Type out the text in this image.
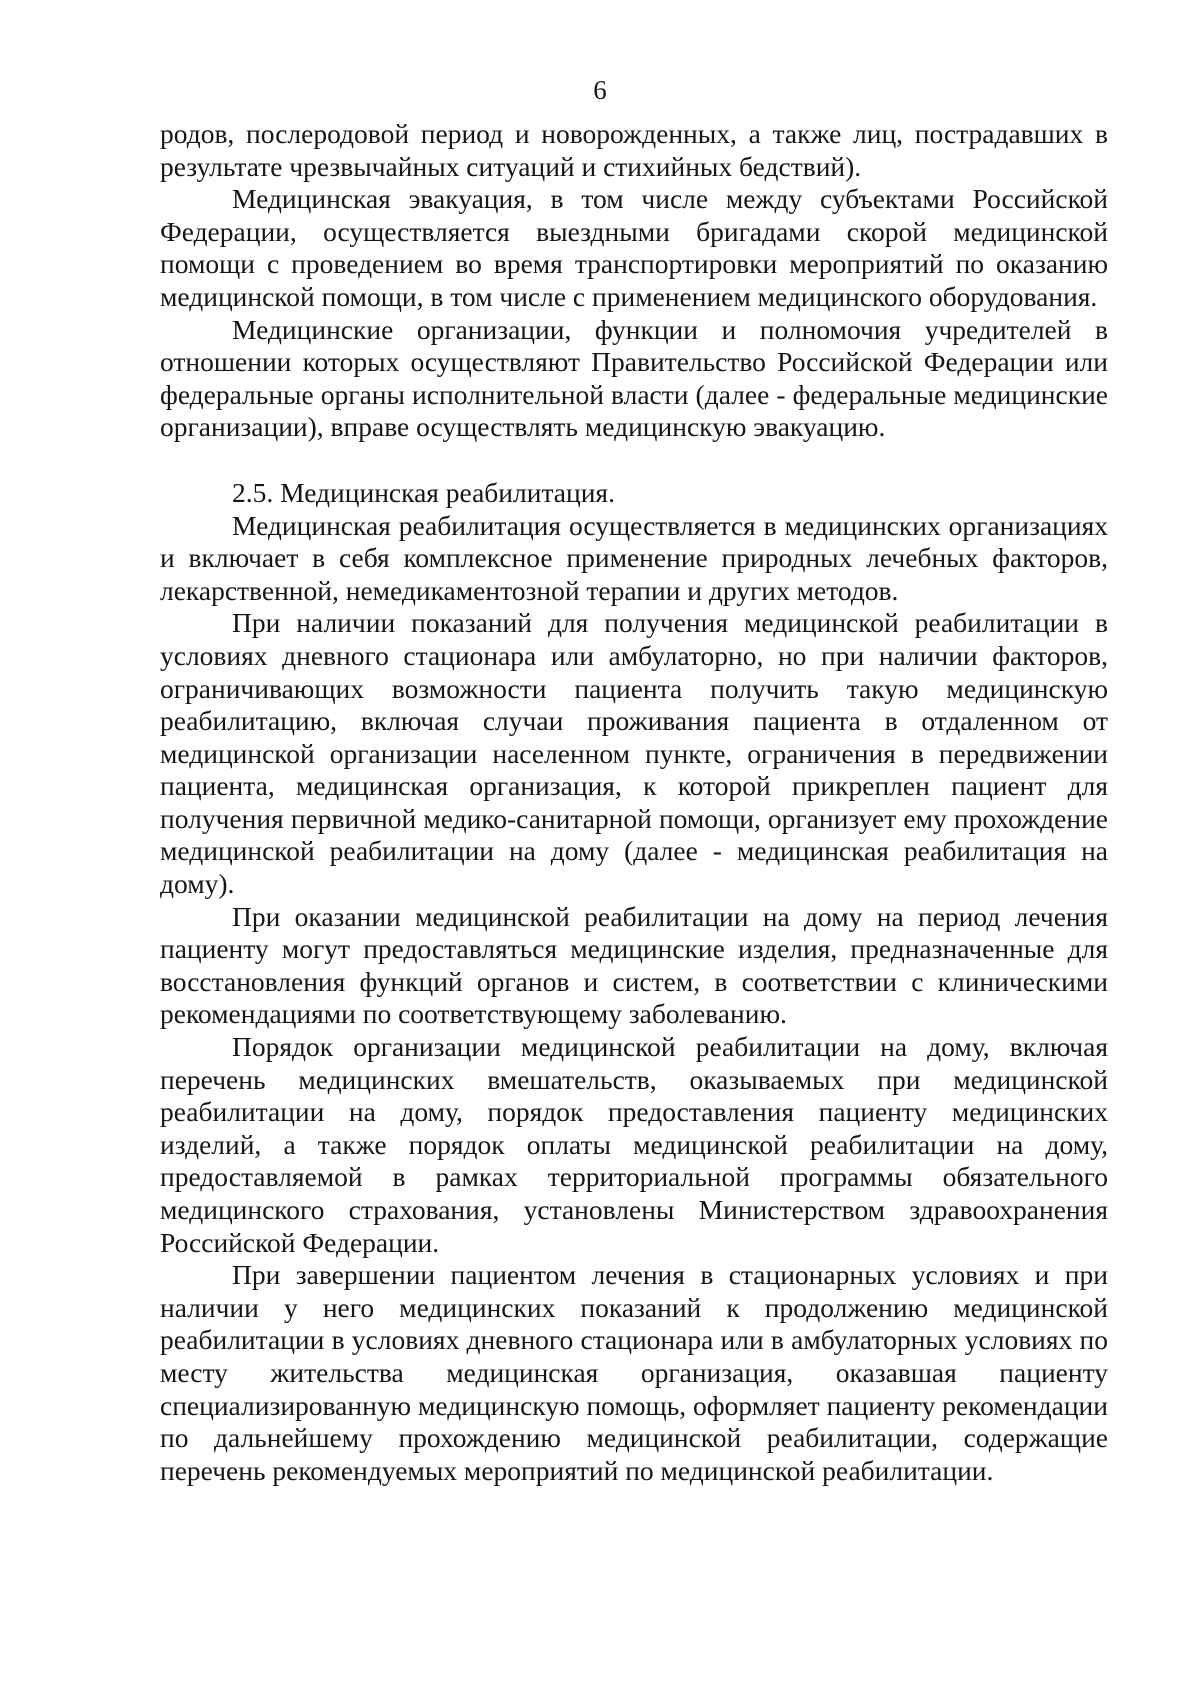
6

родов, послеродовой период и новорожденных, а также лиц, пострадавших в результате чрезвычайных ситуаций и стихийных бедствий).

Медицинская эвакуация, в том числе между субъектами Российской Федерации, осуществляется выездными бригадами скорой медицинской помощи с проведением во время транспортировки мероприятий по оказанию медицинской помощи, в том числе с применением медицинского оборудования.

Медицинские организации, функции и полномочия учредителей в отношении которых осуществляют Правительство Российской Федерации или федеральные органы исполнительной власти (далее - федеральные медицинские организации), вправе осуществлять медицинскую эвакуацию.

2.5. Медицинская реабилитация.

Медицинская реабилитация осуществляется в медицинских организациях и включает в себя комплексное применение природных лечебных факторов, лекарственной, немедикаментозной терапии и других методов.

При наличии показаний для получения медицинской реабилитации в условиях дневного стационара или амбулаторно, но при наличии факторов, ограничивающих возможности пациента получить такую медицинскую реабилитацию, включая случаи проживания пациента в отдаленном от медицинской организации населенном пункте, ограничения в передвижении пациента, медицинская организация, к которой прикреплен пациент для получения первичной медико-санитарной помощи, организует ему прохождение медицинской реабилитации на дому (далее - медицинская реабилитация на дому).

При оказании медицинской реабилитации на дому на период лечения пациенту могут предоставляться медицинские изделия, предназначенные для восстановления функций органов и систем, в соответствии с клиническими рекомендациями по соответствующему заболеванию.

Порядок организации медицинской реабилитации на дому, включая перечень медицинских вмешательств, оказываемых при медицинской реабилитации на дому, порядок предоставления пациенту медицинских изделий, а также порядок оплаты медицинской реабилитации на дому, предоставляемой в рамках территориальной программы обязательного медицинского страхования, установлены Министерством здравоохранения Российской Федерации.

При завершении пациентом лечения в стационарных условиях и при наличии у него медицинских показаний к продолжению медицинской реабилитации в условиях дневного стационара или в амбулаторных условиях по месту жительства медицинская организация, оказавшая пациенту специализированную медицинскую помощь, оформляет пациенту рекомендации по дальнейшему прохождению медицинской реабилитации, содержащие перечень рекомендуемых мероприятий по медицинской реабилитации.
